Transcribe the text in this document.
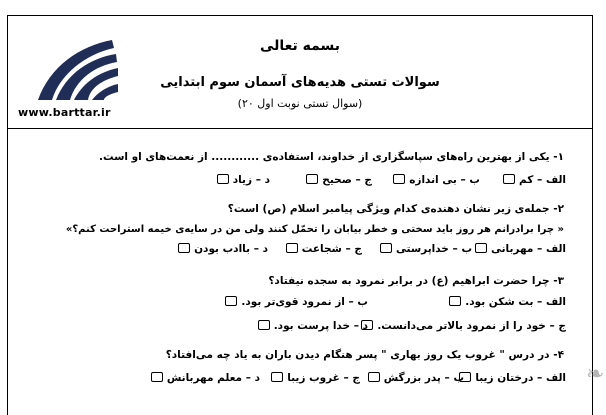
www.barttar.ir
بسمه تعالی
سوالات تستی هدیه‌های آسمان سوم ابتدایی
(۲۰ سوال تستی نوبت اول)
۱- یکی از بهترین راه‌های سپاسگزاری از خداوند، استفاده‌ی ............ از نعمت‌های او است.
الف – کم
ب – بی اندازه
ج – صحیح
د – زیاد
۲- جمله‌ی زیر نشان دهنده‌ی کدام ویژگی پیامبر اسلام (ص) است؟
« چرا برادرانم هر روز باید سختی و خطر بیابان را تحمّل کنند ولی من در سایه‌ی خیمه استراحت کنم؟»
الف – مهربانی
ب – خداپرستی
ج – شجاعت
د – باادب بودن
۳- چرا حضرت ابراهیم (ع) در برابر نمرود به سجده نیفتاد؟
الف – بت شکن بود.
ب – از نمرود قوی‌تر بود.
ج – خود را از نمرود بالاتر می‌دانست.
د – خدا پرست بود.
۴- در درس " غروب یک روز بهاری " پسر هنگام دیدن باران به یاد چه می‌افتاد؟
الف – درختان زیبا
ب – پدر بزرگش
ج – غروب زیبا
د – معلم مهربانش	❧
